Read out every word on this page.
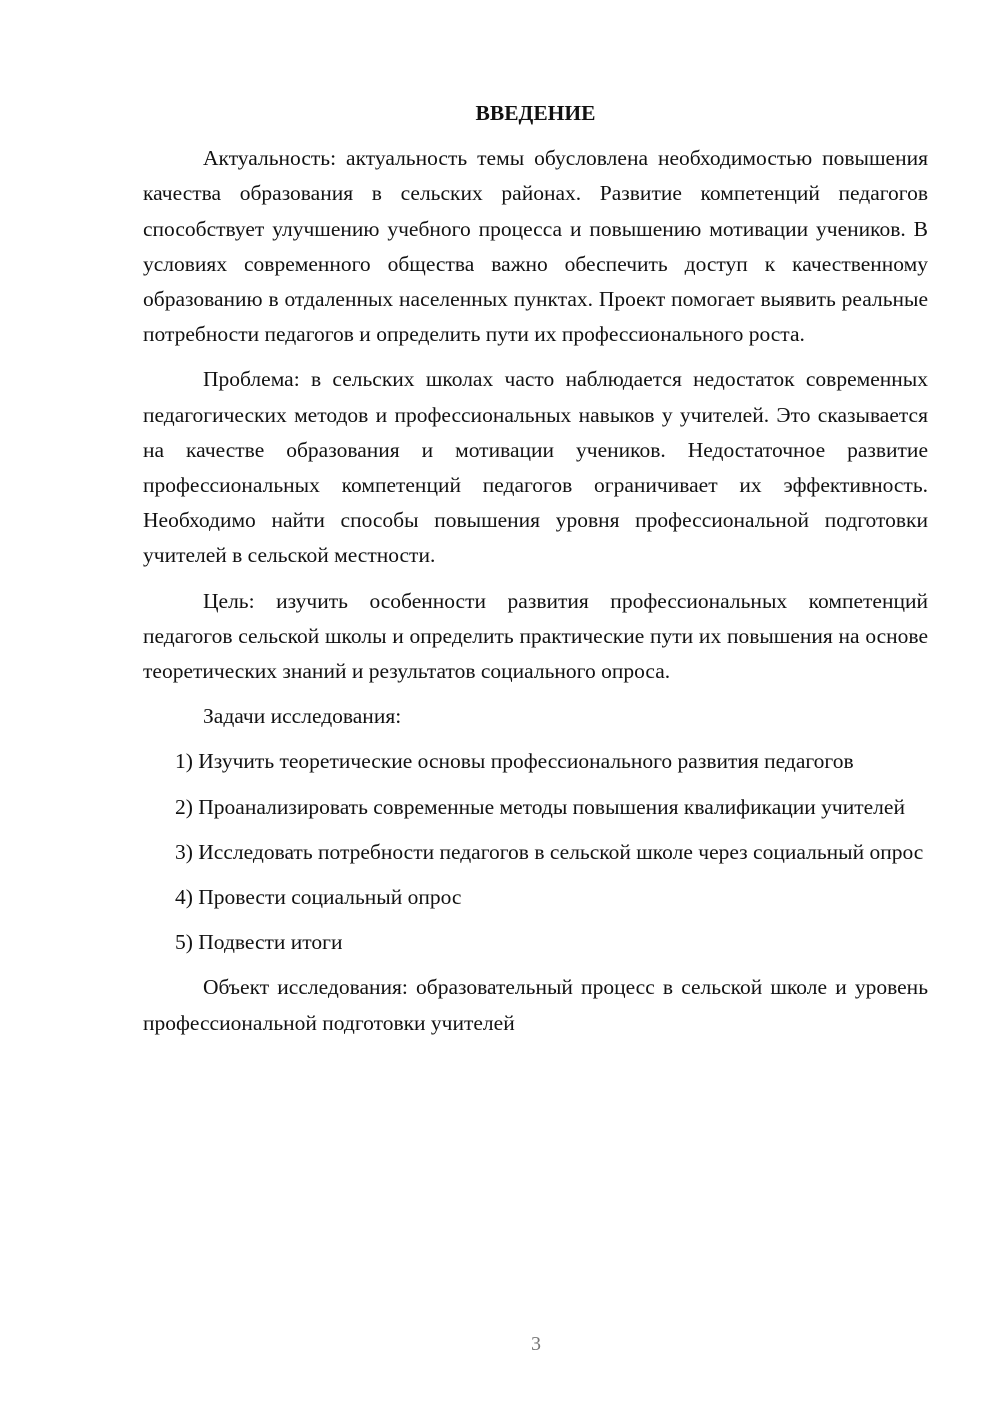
ВВЕДЕНИЕ

Актуальность: актуальность темы обусловлена необходимостью повышения качества образования в сельских районах. Развитие компетенций педагогов способствует улучшению учебного процесса и повышению мотивации учеников. В условиях современного общества важно обеспечить доступ к качественному образованию в отдаленных населенных пунктах. Проект помогает выявить реальные потребности педагогов и определить пути их профессионального роста.

Проблема: в сельских школах часто наблюдается недостаток современных педагогических методов и профессиональных навыков у учителей. Это сказывается на качестве образования и мотивации учеников. Недостаточное развитие профессиональных компетенций педагогов ограничивает их эффективность. Необходимо найти способы повышения уровня профессиональной подготовки учителей в сельской местности.

Цель: изучить особенности развития профессиональных компетенций педагогов сельской школы и определить практические пути их повышения на основе теоретических знаний и результатов социального опроса.

Задачи исследования:

1) Изучить теоретические основы профессионального развития педагогов

2) Проанализировать современные методы повышения квалификации учителей

3) Исследовать потребности педагогов в сельской школе через социальный опрос

4) Провести социальный опрос

5) Подвести итоги

Объект исследования: образовательный процесс в сельской школе и уровень профессиональной подготовки учителей

3
